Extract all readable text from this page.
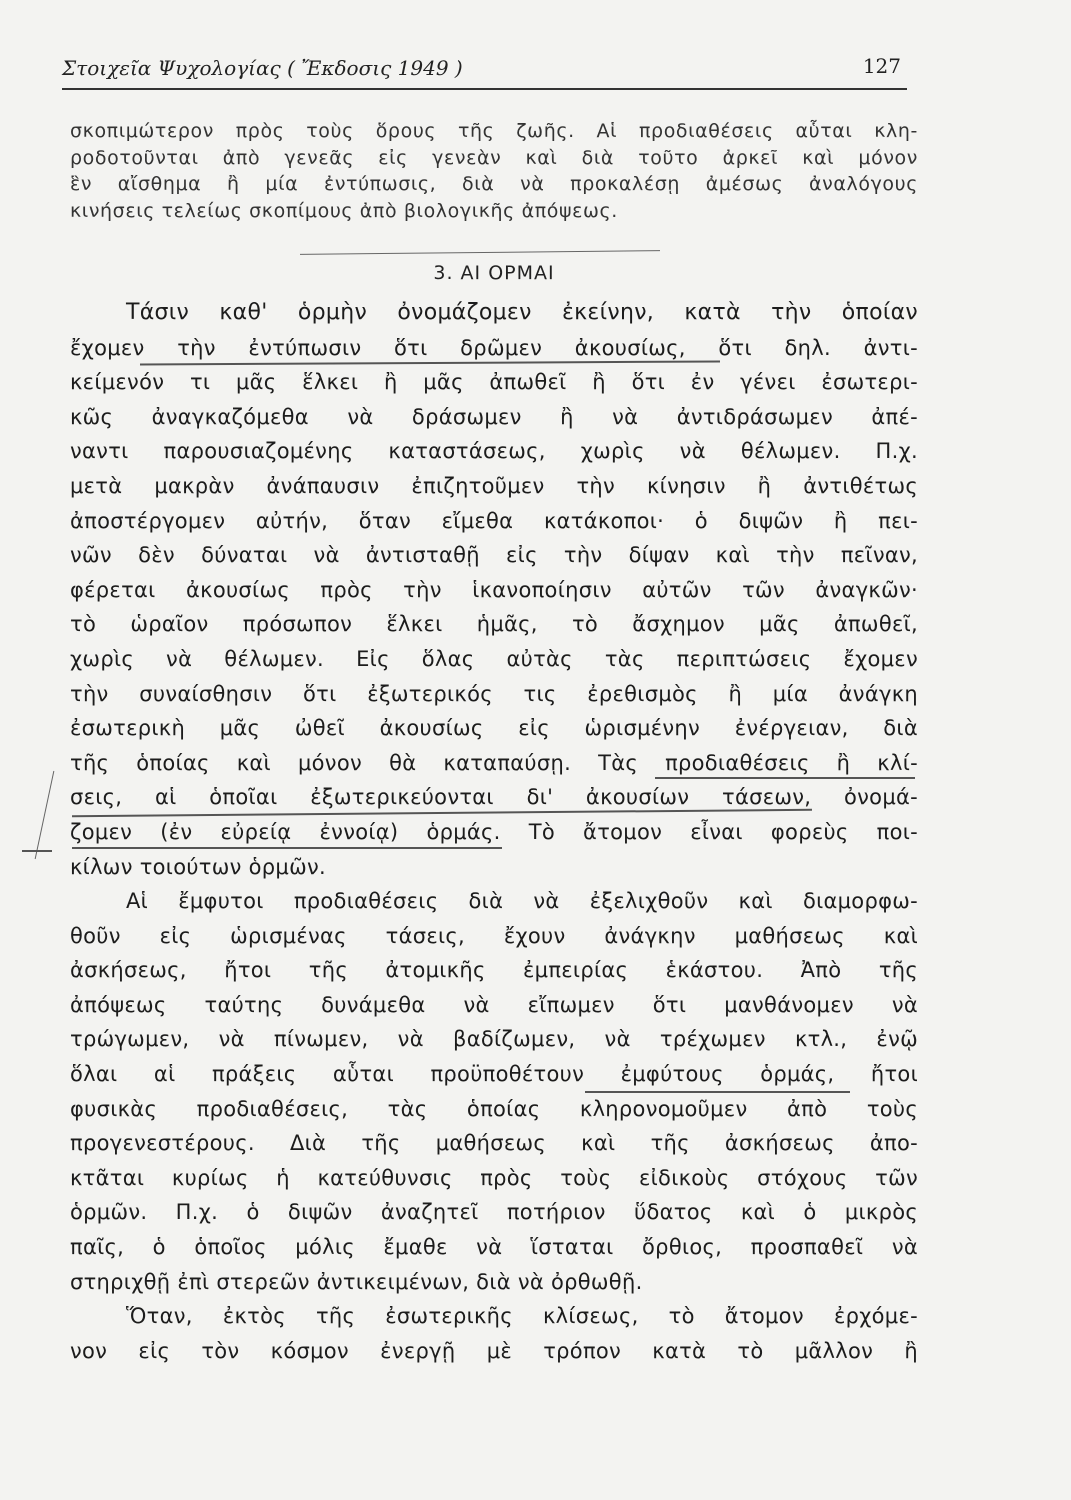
Στοιχεῖα Ψυχολογίας ( Ἔκδοσις 1949 )	127
σκοπιμώτερον πρὸς τοὺς ὅρους τῆς ζωῆς. Αἱ προδιαθέσεις αὗται κλη-
ροδοτοῦνται ἀπὸ γενεᾶς εἰς γενεὰν καὶ διὰ τοῦτο ἀρκεῖ καὶ μόνον
ἓν αἴσθημα ἢ μία ἐντύπωσις, διὰ νὰ προκαλέσῃ ἀμέσως ἀναλόγους
κινήσεις τελείως σκοπίμους ἀπὸ βιολογικῆς ἀπόψεως.
3. ΑΙ ΟΡΜΑΙ
Τάσιν καθ' ὁρμὴν ὀνομάζομεν ἐκείνην, κατὰ τὴν ὁποίαν
ἔχομεν τὴν ἐντύπωσιν ὅτι δρῶμεν ἀκουσίως, ὅτι δηλ. ἀντι-
κείμενόν τι μᾶς ἕλκει ἢ μᾶς ἀπωθεῖ ἢ ὅτι ἐν γένει ἐσωτερι-
κῶς ἀναγκαζόμεθα νὰ δράσωμεν ἢ νὰ ἀντιδράσωμεν ἀπέ-
ναντι παρουσιαζομένης καταστάσεως, χωρὶς νὰ θέλωμεν. Π.χ.
μετὰ μακρὰν ἀνάπαυσιν ἐπιζητοῦμεν τὴν κίνησιν ἢ ἀντιθέτως
ἀποστέργομεν αὐτήν, ὅταν εἴμεθα κατάκοποι· ὁ διψῶν ἢ πει-
νῶν δὲν δύναται νὰ ἀντισταθῇ εἰς τὴν δίψαν καὶ τὴν πεῖναν,
φέρεται ἀκουσίως πρὸς τὴν ἱκανοποίησιν αὐτῶν τῶν ἀναγκῶν·
τὸ ὡραῖον πρόσωπον ἕλκει ἡμᾶς, τὸ ἄσχημον μᾶς ἀπωθεῖ,
χωρὶς νὰ θέλωμεν. Εἰς ὅλας αὐτὰς τὰς περιπτώσεις ἔχομεν
τὴν συναίσθησιν ὅτι ἐξωτερικός τις ἐρεθισμὸς ἢ μία ἀνάγκη
ἐσωτερικὴ μᾶς ὠθεῖ ἀκουσίως εἰς ὡρισμένην ἐνέργειαν, διὰ
τῆς ὁποίας καὶ μόνον θὰ καταπαύσῃ. Τὰς προδιαθέσεις ἢ κλί-
σεις, αἱ ὁποῖαι ἐξωτερικεύονται δι' ἀκουσίων τάσεων, ὀνομά-
ζομεν (ἐν εὐρείᾳ ἐννοίᾳ) ὁρμάς. Τὸ ἄτομον εἶναι φορεὺς ποι-
κίλων τοιούτων ὁρμῶν.
Αἱ ἔμφυτοι προδιαθέσεις διὰ νὰ ἐξελιχθοῦν καὶ διαμορφω-
θοῦν εἰς ὡρισμένας τάσεις, ἔχουν ἀνάγκην μαθήσεως καὶ
ἀσκήσεως, ἤτοι τῆς ἀτομικῆς ἐμπειρίας ἑκάστου. Ἀπὸ τῆς
ἀπόψεως ταύτης δυνάμεθα νὰ εἴπωμεν ὅτι μανθάνομεν νὰ
τρώγωμεν, νὰ πίνωμεν, νὰ βαδίζωμεν, νὰ τρέχωμεν κτλ., ἐνῷ
ὅλαι αἱ πράξεις αὗται προϋποθέτουν ἐμφύτους ὁρμάς, ἤτοι
φυσικὰς προδιαθέσεις, τὰς ὁποίας κληρονομοῦμεν ἀπὸ τοὺς
προγενεστέρους. Διὰ τῆς μαθήσεως καὶ τῆς ἀσκήσεως ἀπο-
κτᾶται κυρίως ἡ κατεύθυνσις πρὸς τοὺς εἰδικοὺς στόχους τῶν
ὁρμῶν. Π.χ. ὁ διψῶν ἀναζητεῖ ποτήριον ὕδατος καὶ ὁ μικρὸς
παῖς, ὁ ὁποῖος μόλις ἔμαθε νὰ ἵσταται ὄρθιος, προσπαθεῖ νὰ
στηριχθῇ ἐπὶ στερεῶν ἀντικειμένων, διὰ νὰ ὀρθωθῇ.
Ὅταν, ἐκτὸς τῆς ἐσωτερικῆς κλίσεως, τὸ ἄτομον ἐρχόμε-
νον εἰς τὸν κόσμον ἐνεργῇ μὲ τρόπον κατὰ τὸ μᾶλλον ἢ
